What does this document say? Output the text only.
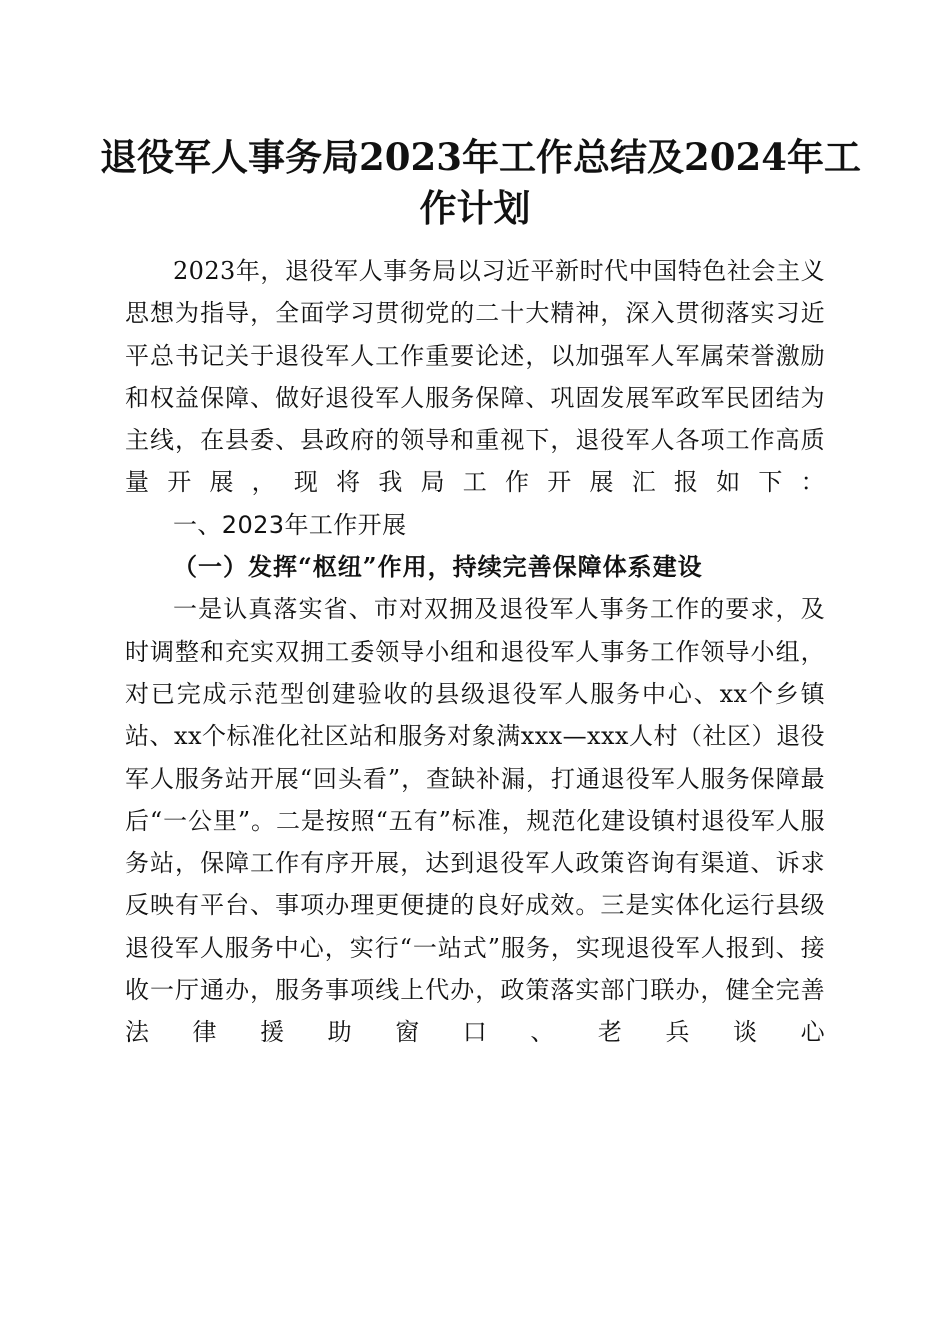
退役军人事务局2023年工作总结及2024年工
作计划

2023年，退役军人事务局以习近平新时代中国特色社会主义思想为指导，全面学习贯彻党的二十大精神，深入贯彻落实习近平总书记关于退役军人工作重要论述，以加强军人军属荣誉激励和权益保障、做好退役军人服务保障、巩固发展军政军民团结为主线，在县委、县政府的领导和重视下，退役军人各项工作高质量开展，现将我局工作开展汇报如下：

一、2023年工作开展

（一）发挥“枢纽”作用，持续完善保障体系建设

一是认真落实省、市对双拥及退役军人事务工作的要求，及时调整和充实双拥工委领导小组和退役军人事务工作领导小组，对已完成示范型创建验收的县级退役军人服务中心、xx个乡镇站、xx个标准化社区站和服务对象满xxx—xxx人村（社区）退役军人服务站开展“回头看”，查缺补漏，打通退役军人服务保障最后“一公里”。二是按照“五有”标准，规范化建设镇村退役军人服务站，保障工作有序开展，达到退役军人政策咨询有渠道、诉求反映有平台、事项办理更便捷的良好成效。三是实体化运行县级退役军人服务中心，实行“一站式”服务，实现退役军人报到、接收一厅通办，服务事项线上代办，政策落实部门联办，健全完善法律援助窗口、老兵谈心
